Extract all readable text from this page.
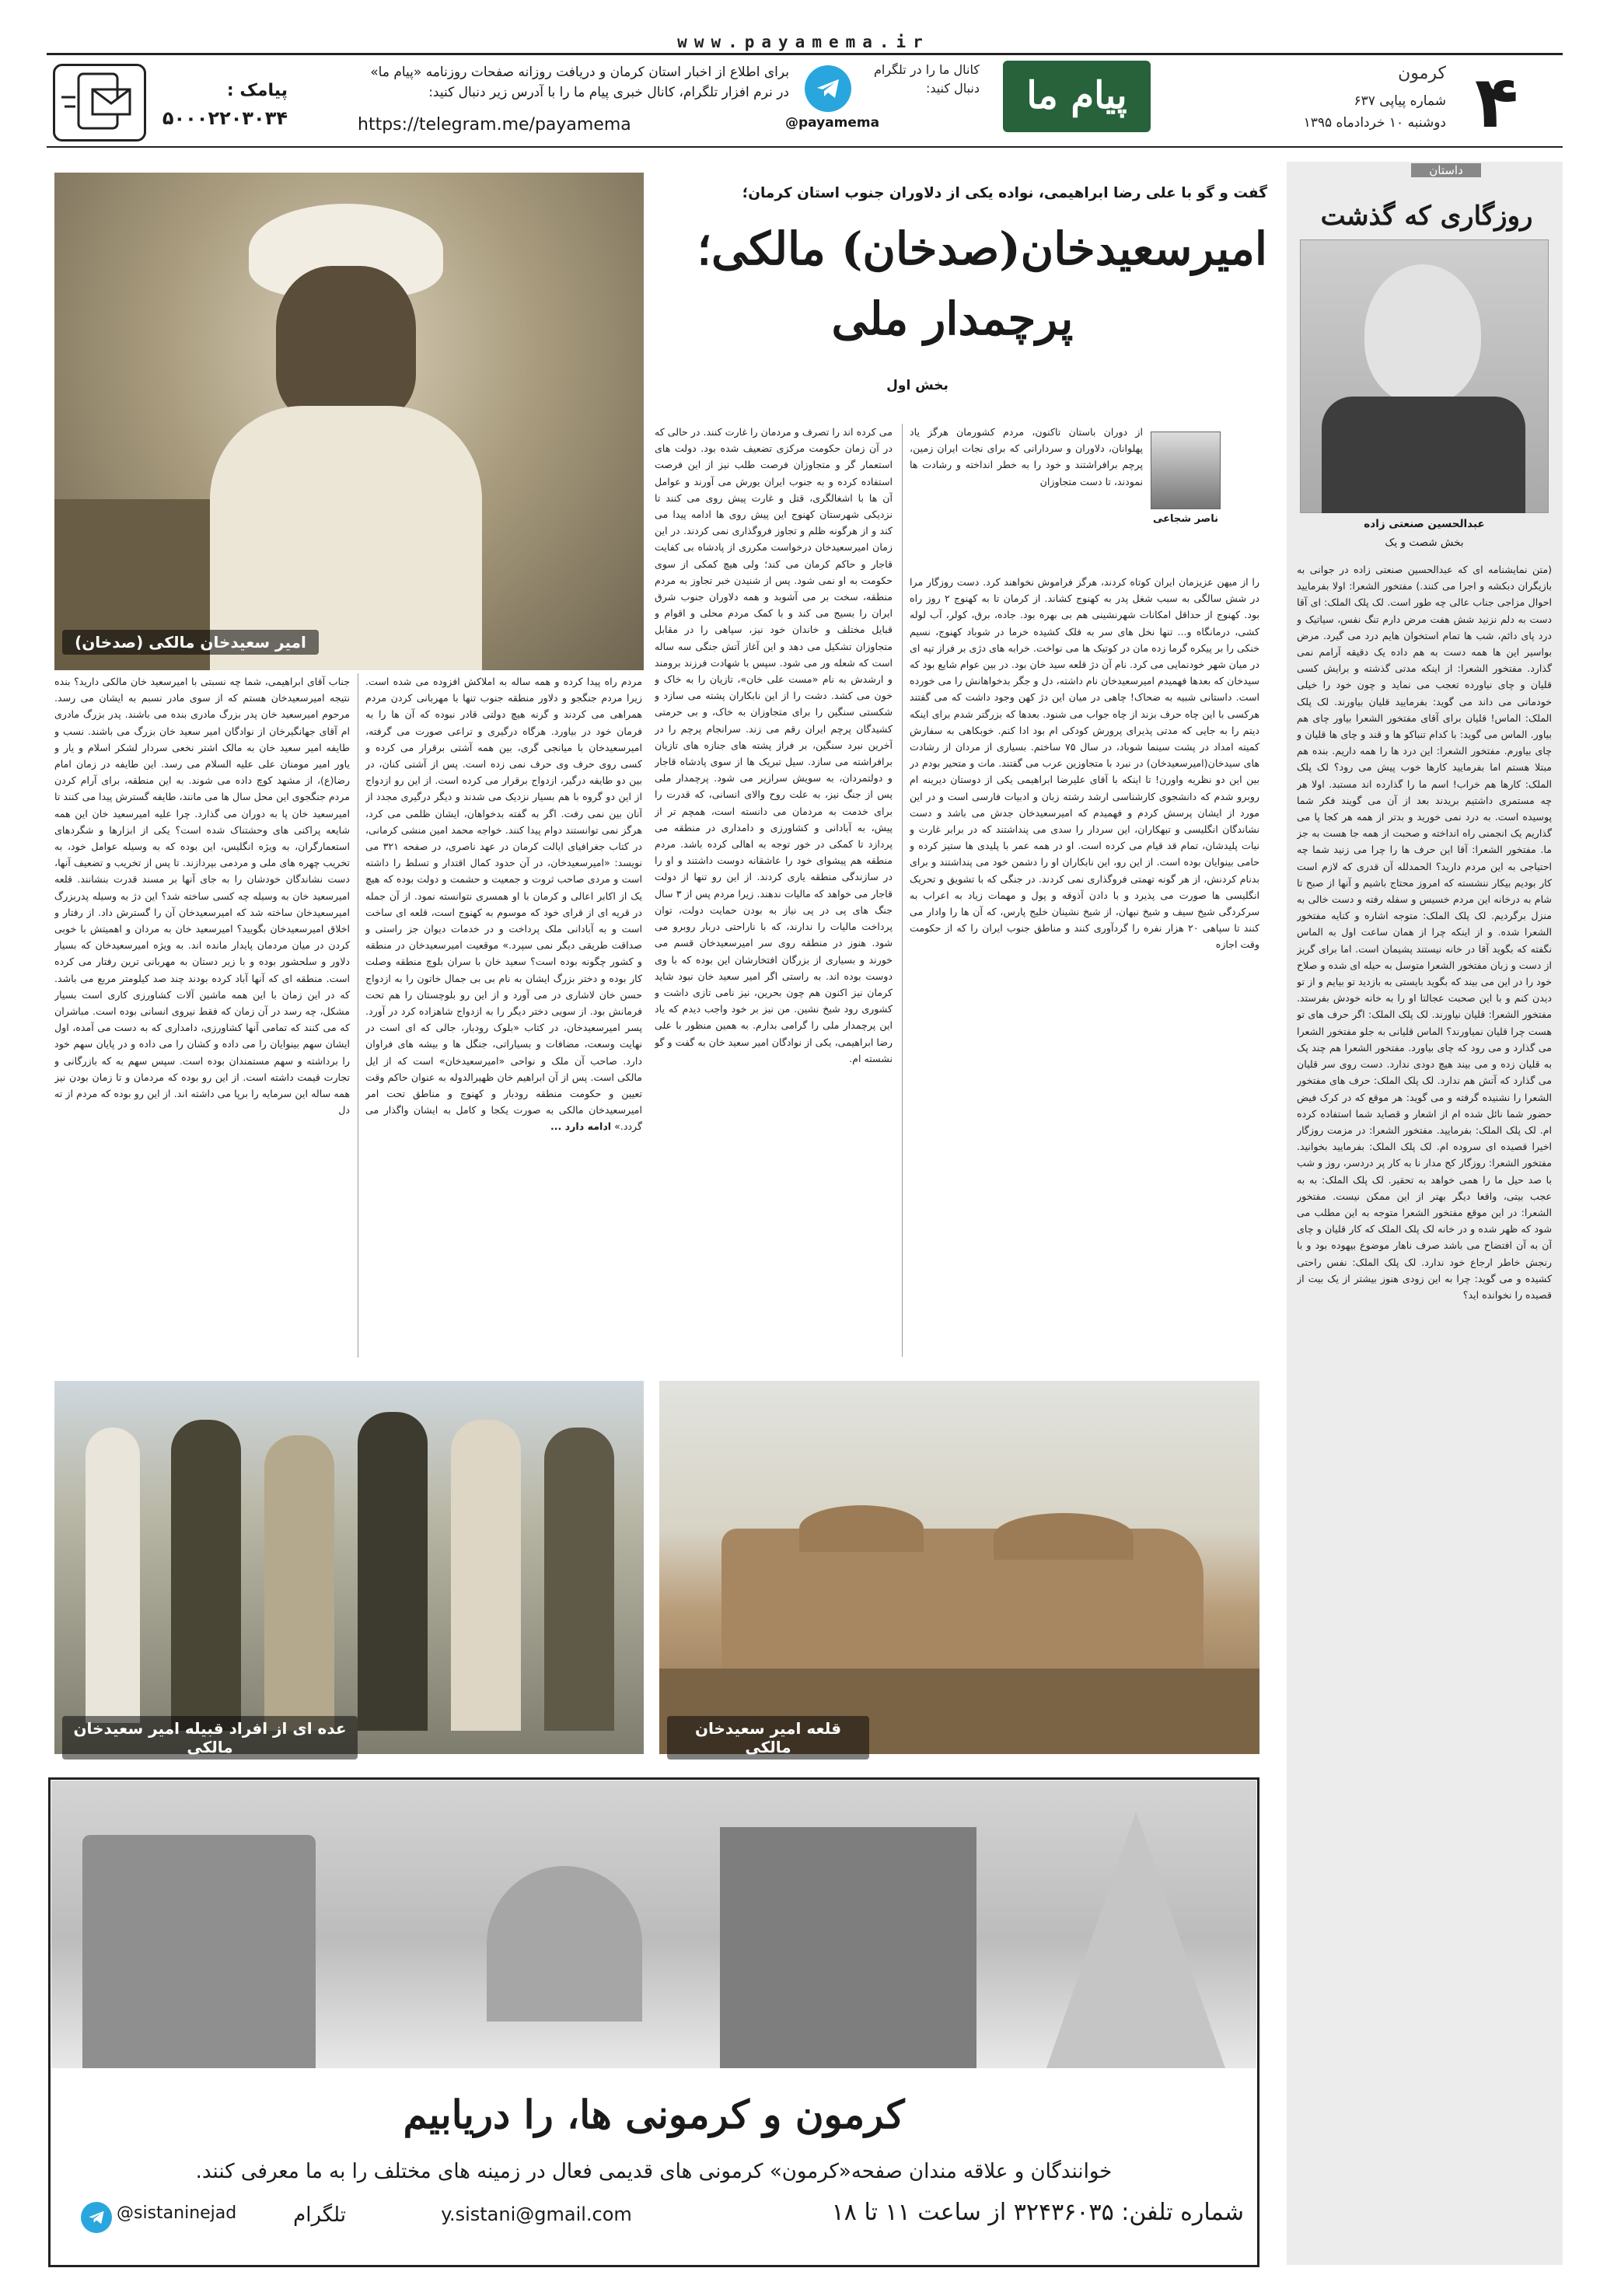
www.payamema.ir
۴
کرمون
شماره پیاپی ۶۳۷
دوشنبه ۱۰ خردادماه ۱۳۹۵
پیام ما
کانال ما را در تلگرام دنبال کنید:
@payamema
برای اطلاع از اخبار استان کرمان و دریافت روزانه صفحات روزنامه «پیام ما» در نرم افزار تلگرام، کانال خبری پیام ما را با آدرس زیر دنبال کنید:
https://telegram.me/payamema
پیامک :
۵۰۰۰۲۲۰۳۰۳۴
داستان
روزگاری که گذشت
عبدالحسین صنعتی زاده
بخش شصت و یک
(متن نمایشنامه ای که عبدالحسین صنعتی زاده در جوانی به بازیگران دبکشه و اجرا می کنند.) مفتخور الشعرا: اولا بفرمایید احوال مزاجی جناب عالی چه طور است. لک پلک الملک: ای آقا دست به دلم نزنید شش هفت مرض دارم تنگ نفس، سیاتیک و درد پای دائم، شب ها تمام استخوان هایم درد می گیرد. مرض بواسیر این ها همه دست به هم داده یک دقیقه آرامم نمی گذارد. مفتخور الشعرا: از اینکه مدتی گذشته و برایش کسی قلیان و چای نیاورده تعجب می نماید و چون خود را خیلی خودمانی می داند می گوید: بفرمایید قلیان بیاورند. لک پلک الملک: الماس! قلیان برای آقای مفتخور الشعرا بیاور چای هم بیاور. الماس می گوید: با کدام تنباکو ها و قند و چای ها قلیان و چای بیاورم. مفتخور الشعرا: این درد ها را همه داریم. بنده هم مبتلا هستم اما بفرمایید کارها خوب پیش می رود؟ لک پلک الملک: کارها هم خراب! اسم ما را گذارده اند مستبد. اولا هر چه مستمری داشتیم بریدند بعد از آن می گویند فکر شما پوسیده است. به درد نمی خورید و بدتر از همه هر کجا پا می گذاریم یک انجمنی راه انداخته و صحبت از همه جا هست به جز ما. مفتخور الشعرا: آقا این حرف ها را چرا می زنید شما چه احتیاجی به این مردم دارید؟ الحمدلله آن قدری که لازم است کار بودیم بیکار ننشسته که امروز محتاج باشیم و آنها از صبح تا شام به درخانه این مردم خسیس و سفله رفته و دست خالی به منزل برگردیم. لک پلک الملک: متوجه اشاره و کنایه مفتخور الشعرا شده. و از اینکه چرا از همان ساعت اول به الماس نگفته که بگوید آقا در خانه نیستند پشیمان است. اما برای گریز از دست و زبان مفتخور الشعرا متوسل به حیله ای شده و صلاح خود را در این می بیند که بگوید بایستی به بازدید تو بیایم و از تو دیدن کنم و با این صحبت عجالتا او را به خانه خودش بفرستد. مفتخور الشعرا: قلیان نیاورند. لک پلک الملک: اگر حرف های تو هست چرا قلیان نمیاورند؟ الماس قلیانی به جلو مفتخور الشعرا می گذارد و می رود که چای بیاورد. مفتخور الشعرا هم چند پک به قلیان زده و می بیند هیچ دودی ندارد. دست روی سر قلیان می گذارد که آتش هم ندارد. لک پلک الملک: حرف های مفتخور الشعرا را نشنیده گرفته و می گوید: هر موقع که در کرک فیض حضور شما نائل شده ام از اشعار و قصاید شما استفاده کرده ام. لک پلک الملک: بفرمایید. مفتخور الشعرا: در مزمت روزگار اخیرا قصیده ای سروده ام. لک پلک الملک: بفرمایید بخوانید. مفتخور الشعرا: روزگار کج مدار نا به کار پر دردسر، روز و شب با صد حیل ما را همی خواهد به تحقیر. لک پلک الملک: به به عجب بیتی، واقعا دیگر بهتر از این ممکن نیست. مفتخور الشعرا: در این موقع مفتخور الشعرا متوجه به این مطلب می شود که ظهر شده و در خانه لک پلک الملک که کار قلیان و چای آن به آن افتضاح می باشد صرف ناهار موضوع بیهوده بود و با رنجش خاطر ارجاع خود ندارد. لک پلک الملک: نفس راحتی کشیده و می گوید: چرا به این زودی هنوز بیشتر از یک بیت از قصیده را نخوانده اید؟
امیر سعیدخان مالکی (صدخان)
گفت و گو با علی رضا ابراهیمی، نواده یکی از دلاوران جنوب استان کرمان؛
امیرسعیدخان(صدخان) مالکی؛
پرچمدار ملی
بخش اول
ناصر شجاعی
از دوران باستان تاکنون، مردم کشورمان هرگز یاد پهلوانان، دلاوران و سردارانی که برای نجات ایران زمین، پرچم برافراشتند و خود را به خطر انداخته و رشادت ها نمودند، تا دست متجاوزان
را از میهن عزیزمان ایران کوتاه کردند، هرگز فراموش نخواهند کرد. دست روزگار مرا در شش سالگی به سبب شغل پدر به کهنوج کشاند. از کرمان تا به کهنوج ۲ روز راه بود. کهنوج از حداقل امکانات شهرنشینی هم بی بهره بود. جاده، برق، کولر، آب لوله کشی، درمانگاه و... تنها نخل های سر به فلک کشیده خرما در شوباد کهنوج، نسیم خنکی را بر پیکره گرما زده مان در کوتیک ها می نواخت. خرابه های دژی بر فراز تپه ای در میان شهر خودنمایی می کرد. نام آن دژ قلعه سید خان بود. در بین عوام شایع بود که سیدخان که بعدها فهمیدم امیرسعیدخان نام داشته، دل و جگر بدخواهانش را می خورده است. داستانی شبیه به ضحاک! چاهی در میان این دژ کهن وجود داشت که می گفتند هرکسی با این چاه حرف بزند از چاه جواب می شنود. بعدها که بزرگتر شدم برای اینکه دیتم را به جایی که مدتی پذیرای پرورش کودکی ام بود ادا کنم. خوبکاهی به سفارش کمیته امداد در پشت سینما شوباد، در سال ۷۵ ساختم. بسیاری از مردان از رشادت های سیدخان(امیرسعیدخان) در نبرد با متجاوزین عرب می گفتند. مات و متحیر بودم در بین این دو نظریه واورن! تا اینکه با آقای علیرضا ابراهیمی یکی از دوستان دیرینه ام روبرو شدم که دانشجوی کارشناسی ارشد رشته زبان و ادبیات فارسی است و در این مورد از ایشان پرسش کردم و فهمیدم که امیرسعیدخان جدش می باشد و دست نشاندگان انگلیسی و تبهکاران، این سردار را سدی می پنداشتند که در برابر غارت و نیات پلیدشان، تمام قد قیام می کرده است. او در همه عمر با پلیدی ها ستیز کرده و حامی بینوایان بوده است. از این رو، این نابکاران او را دشمن خود می پنداشتند و برای بدنام کردنش، از هر گونه تهمتی فروگذاری نمی کردند. در جنگی که با تشویق و تحریک انگلیسی ها صورت می پذیرد و با دادن آذوقه و پول و مهمات زیاد به اعراب به سرکردگی شیخ سیف و شیخ نبهان، از شیخ نشینان خلیج پارس، که آن ها را وادار می کنند تا سپاهی ۲۰ هزار نفره را گردآوری کنند و مناطق جنوب ایران را که از حکومت وقت اجازه
می کرده اند را تصرف و مردمان را غارت کنند. در حالی که در آن زمان حکومت مرکزی تضعیف شده بود. دولت های استعمار گر و متجاوزان فرصت طلب نیز از این فرصت استفاده کرده و به جنوب ایران یورش می آورند و عوامل آن ها با اشغالگری، قتل و غارت پیش روی می کنند تا نزدیکی شهرستان کهنوج این پیش روی ها ادامه پیدا می کند و از هرگونه ظلم و تجاوز فروگذاری نمی کردند. در این زمان امیرسعیدخان درخواست مکرری از پادشاه بی کفایت قاجار و حاکم کرمان می کند؛ ولی هیچ کمکی از سوی حکومت به او نمی شود. پس از شنیدن خبر تجاوز به مردم منطقه، سخت بر می آشوبد و همه دلاوران جنوب شرق ایران را بسیج می کند و با کمک مردم محلی و اقوام و قبایل مختلف و خاندان خود نیز، سپاهی را در مقابل متجاوزان تشکیل می دهد و این آغاز آتش جنگی سه ساله است که شعله ور می شود. سپس با شهادت فرزند برومند و ارشدش به نام «مست علی خان»، تازیان را به خاک و خون می کشد. دشت را از این نابکاران پشته می سازد و شکستی سنگین را برای متجاوزان به خاک، و بی حرمتی کشیدگان پرچم ایران رقم می زند. سرانجام پرچم را در آخرین نبرد سنگین، بر فراز پشته های جنازه های تازیان برافراشته می سازد. سیل تبریک ها از سوی پادشاه قاجار و دولتمردان، به سویش سرازیر می شود. پرچمدار ملی پس از جنگ نیز، به علت روح والای انسانی، که قدرت را برای خدمت به مردمان می دانسته است، همچم تر از پیش، به آبادانی و کشاورزی و دامداری در منطقه می پردازد تا کمکی در خور توجه به اهالی کرده باشد. مردم منطقه هم پیشوای خود را عاشقانه دوست داشتند و او را در سازندگی منطقه یاری کردند. از این رو تنها از دولت قاجار می خواهد که مالیات ندهند. زیرا مردم پس از ۳ سال جنگ های پی در پی نیاز به بودن حمایت دولت، توان پرداخت مالیات را ندارند، که با ناراحتی دربار روبرو می شود. هنوز در منطقه روی سر امیرسعیدخان قسم می خورند و بسیاری از بزرگان افتخارشان این بوده که با وی دوست بوده اند. به راستی اگر امیر سعید خان نبود شاید کرمان نیز اکنون هم چون بحرین، نیز نامی تازی داشت و کشوری رود شیخ نشین. من نیز بر خود واجب دیدم که یاد این پرچمدار ملی را گرامی بدارم. به همین منظور با علی رضا ابراهیمی، یکی از نوادگان امیر سعید خان به گفت و گو نشسته ام.
جناب آقای ابراهیمی، شما چه نسبتی با امیرسعید خان مالکی دارید؟ بنده نتیجه امیرسعیدخان هستم که از سوی مادر نسبم به ایشان می رسد. مرحوم امیرسعید خان پدر بزرگ مادری بنده می باشند. پدر بزرگ مادری ام آقای جهانگیرخان از نوادگان امیر سعید خان بزرگ می باشند. نسب و طایفه امیر سعید خان به مالک اشتر نخعی سردار لشکر اسلام و یار و یاور امیر مومنان علی علیه السلام می رسد. این طایفه در زمان امام رضا(ع)، از مشهد کوچ داده می شوند. به این منطقه، برای آرام کردن مردم جنگجوی این محل سال ها می مانند، طایفه گسترش پیدا می کنند تا امیرسعید خان پا به دوران می گذارد. چرا علیه امیرسعید خان این همه شایعه پراکنی های وحشتناک شده است؟ یکی از ابزارها و شگردهای استعمارگران، به ویژه انگلیس، این بوده که به وسیله عوامل خود، به تخریب چهره های ملی و مردمی بپردازند. تا پس از تخریب و تضعیف آنها، دست نشاندگان خودشان را به جای آنها بر مسند قدرت بنشانند. قلعه امیرسعید خان به وسیله چه کسی ساخته شد؟ این دژ به وسیله پدربزرگ امیرسعیدخان ساخته شد که امیرسعیدخان آن را گسترش داد. از رفتار و اخلاق امیرسعیدخان بگویید؟ امیرسعید خان به مردان و اهمیتش با خوبی کردن در میان مردمان پایدار مانده اند. به ویژه امیرسعیدخان که بسیار دلاور و سلحشور بوده و با زیر دستان به مهربانی ترین رفتار می کرده است. منطقه ای که آنها آباد کرده بودند چند صد کیلومتر مربع می باشد. که در این زمان با این همه ماشین آلات کشاورزی کاری است بسیار مشکل، چه رسد در آن زمان که فقط نیروی انسانی بوده است. مباشران که می کنند که تمامی آنها کشاورزی، دامداری که به دست می آمده، اول ایشان سهم بینوایان را می داده و کشان را می داده و در پایان سهم خود را برداشته و سهم مستمندان بوده است. سپس سهم به که بازرگانی و تجارت قیمت داشته است. از این رو بوده که مردمان و تا زمان بودن نیز همه ساله این سرمایه را برپا می داشته اند. از این رو بوده که مردم از ته دل
مردم راه پیدا کرده و همه ساله به املاکش افزوده می شده است. زیرا مردم جنگجو و دلاور منطقه جنوب تنها با مهربانی کردن مردم همراهی می کردند و گرنه هیچ دولتی قادر نبوده که آن ها را به فرمان خود در بیاورد. هرگاه درگیری و تراعی صورت می گرفته، امیرسعیدخان با میانجی گری، بین همه آشتی برقرار می کرده و کسی روی حرف وی حرف نمی زده است. پس از آشتی کنان، در بین دو طایفه درگیر، ازدواج برقرار می کرده است. از این رو ازدواج از این دو گروه با هم بسیار نزدیک می شدند و دیگر درگیری مجدد از آنان بین نمی رفت. اگر به گفته بدخواهان، ایشان ظلمی می کرد، هرگز نمی توانستند دوام پیدا کنند. خواجه محمد امین منشی کرمانی، در کتاب جغرافیای ایالت کرمان در عهد ناصری، در صفحه ۳۲۱ می نویسد: «امیرسعیدخان، در آن حدود کمال اقتدار و تسلط را داشته است و مردی صاحب ثروت و جمعیت و حشمت و دولت بوده که هیچ یک از اکابر اعالی و کرمان با او همسری نتوانسته نمود. از آن جمله در قریه ای از قرای خود که موسوم به کهنوج است، قلعه ای ساخت است و به آبادانی ملک پرداخت و در خدمات دیوان جز راستی و صداقت طریقی دیگر نمی سپرد.» موقعیت امیرسعیدخان در منطقه و کشور چگونه بوده است؟ سعید خان با سران بلوچ منطقه وصلت کار بوده و دختر بزرگ ایشان به نام بی بی جمال خاتون را به ازدواج حسن خان لاشاری در می آورد و از این رو بلوچستان را هم تحت فرمانش بود. از سویی دختر دیگر را به ازدواج شاهزاده کرد در آورد. پسر امیرسعیدخان، در کتاب «بلوک رودبار، جالی که ای است در نهایت وسعت، مضافات و بسیاراتی، جنگل ها و بیشه های فراوان دارد. صاحب آن ملک و نواحی «امیرسعیدخان» است که از ایل مالکی است. پس از آن ابراهیم خان ظهیرالدوله به عنوان حاکم وقت تعیین و حکومت منطقه رودبار و کهنوج و مناطق تحت امر امیرسعیدخان مالکی به صورت یکجا و کامل به ایشان واگذار می گردد.» ادامه دارد ...
عده ای از افراد قبیله امیر سعیدخان مالکی
قلعه امیر سعیدخان مالکی
کرمون و کرمونی ها، را دریابیم
خوانندگان و علاقه مندان صفحه«کرمون» کرمونی های قدیمی فعال در زمینه های مختلف را به ما معرفی کنند.
شماره تلفن: ۳۲۴۳۶۰۳۵ از ساعت ۱۱ تا ۱۸
y.sistani@gmail.com
تلگرام
@sistaninejad
